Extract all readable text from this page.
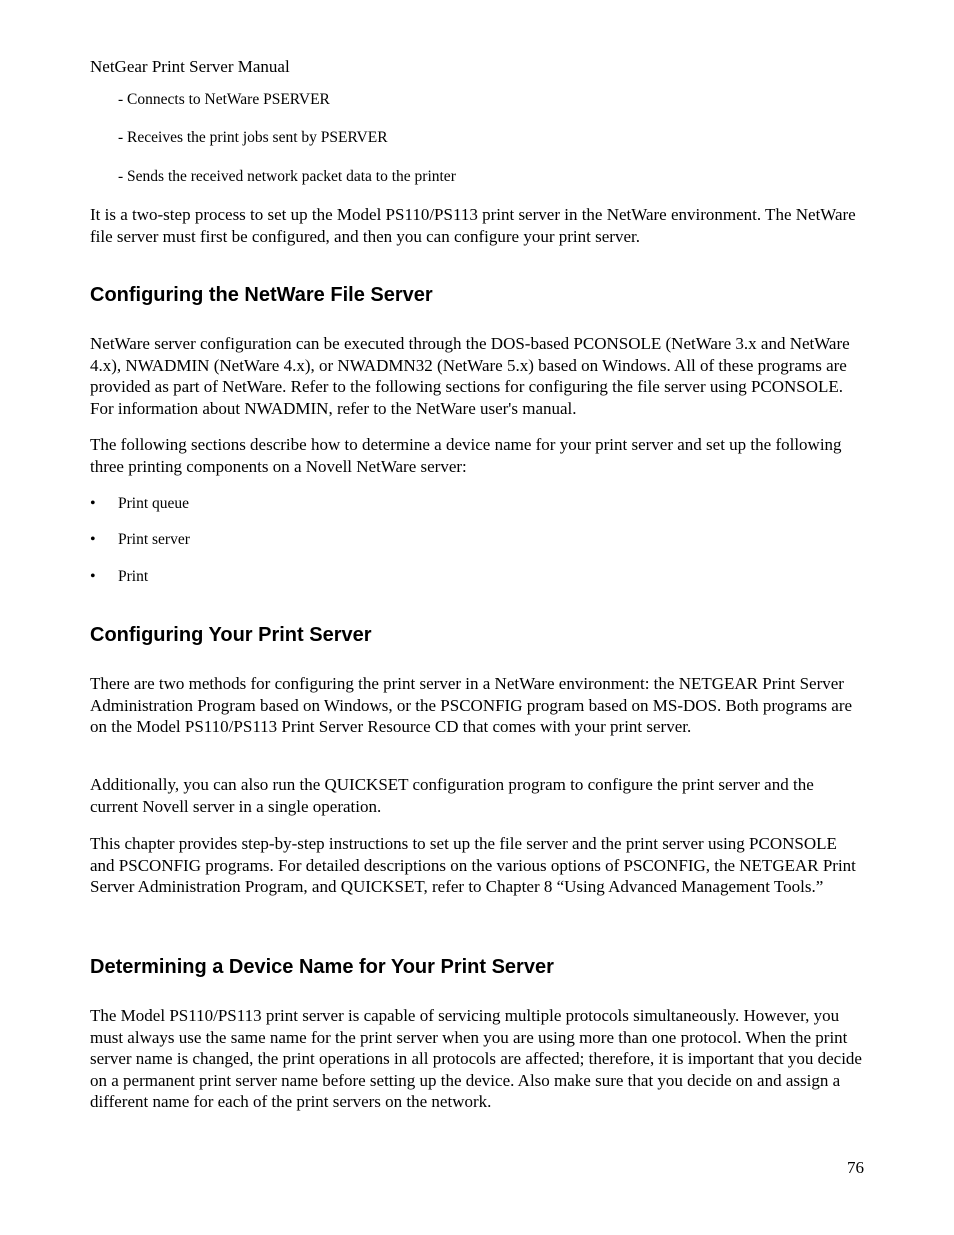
NetGear Print Server Manual

- Connects to NetWare PSERVER

- Receives the print jobs sent by PSERVER

- Sends the received network packet data to the printer

It is a two-step process to set up the Model PS110/PS113 print server in the NetWare environment. The NetWare file server must first be configured, and then you can configure your print server.

Configuring the NetWare File Server

NetWare server configuration can be executed through the DOS-based PCONSOLE (NetWare 3.x and NetWare 4.x), NWADMIN (NetWare 4.x), or NWADMN32 (NetWare 5.x) based on Windows. All of these programs are provided as part of NetWare. Refer to the following sections for configuring the file server using PCONSOLE. For information about NWADMIN, refer to the NetWare user's manual.

The following sections describe how to determine a device name for your print server and set up the following three printing components on a Novell NetWare server:

• Print queue
• Print server
• Print
Configuring Your Print Server

There are two methods for configuring the print server in a NetWare environment: the NETGEAR Print Server Administration Program based on Windows, or the PSCONFIG program based on MS-DOS. Both programs are on the Model PS110/PS113 Print Server Resource CD that comes with your print server.

Additionally, you can also run the QUICKSET configuration program to configure the print server and the current Novell server in a single operation.

This chapter provides step-by-step instructions to set up the file server and the print server using PCONSOLE and PSCONFIG programs. For detailed descriptions on the various options of PSCONFIG, the NETGEAR Print Server Administration Program, and QUICKSET, refer to Chapter 8 “Using Advanced Management Tools.”

Determining a Device Name for Your Print Server

The Model PS110/PS113 print server is capable of servicing multiple protocols simultaneously. However, you must always use the same name for the print server when you are using more than one protocol. When the print server name is changed, the print operations in all protocols are affected; therefore, it is important that you decide on a permanent print server name before setting up the device. Also make sure that you decide on and assign a different name for each of the print servers on the network.

76
